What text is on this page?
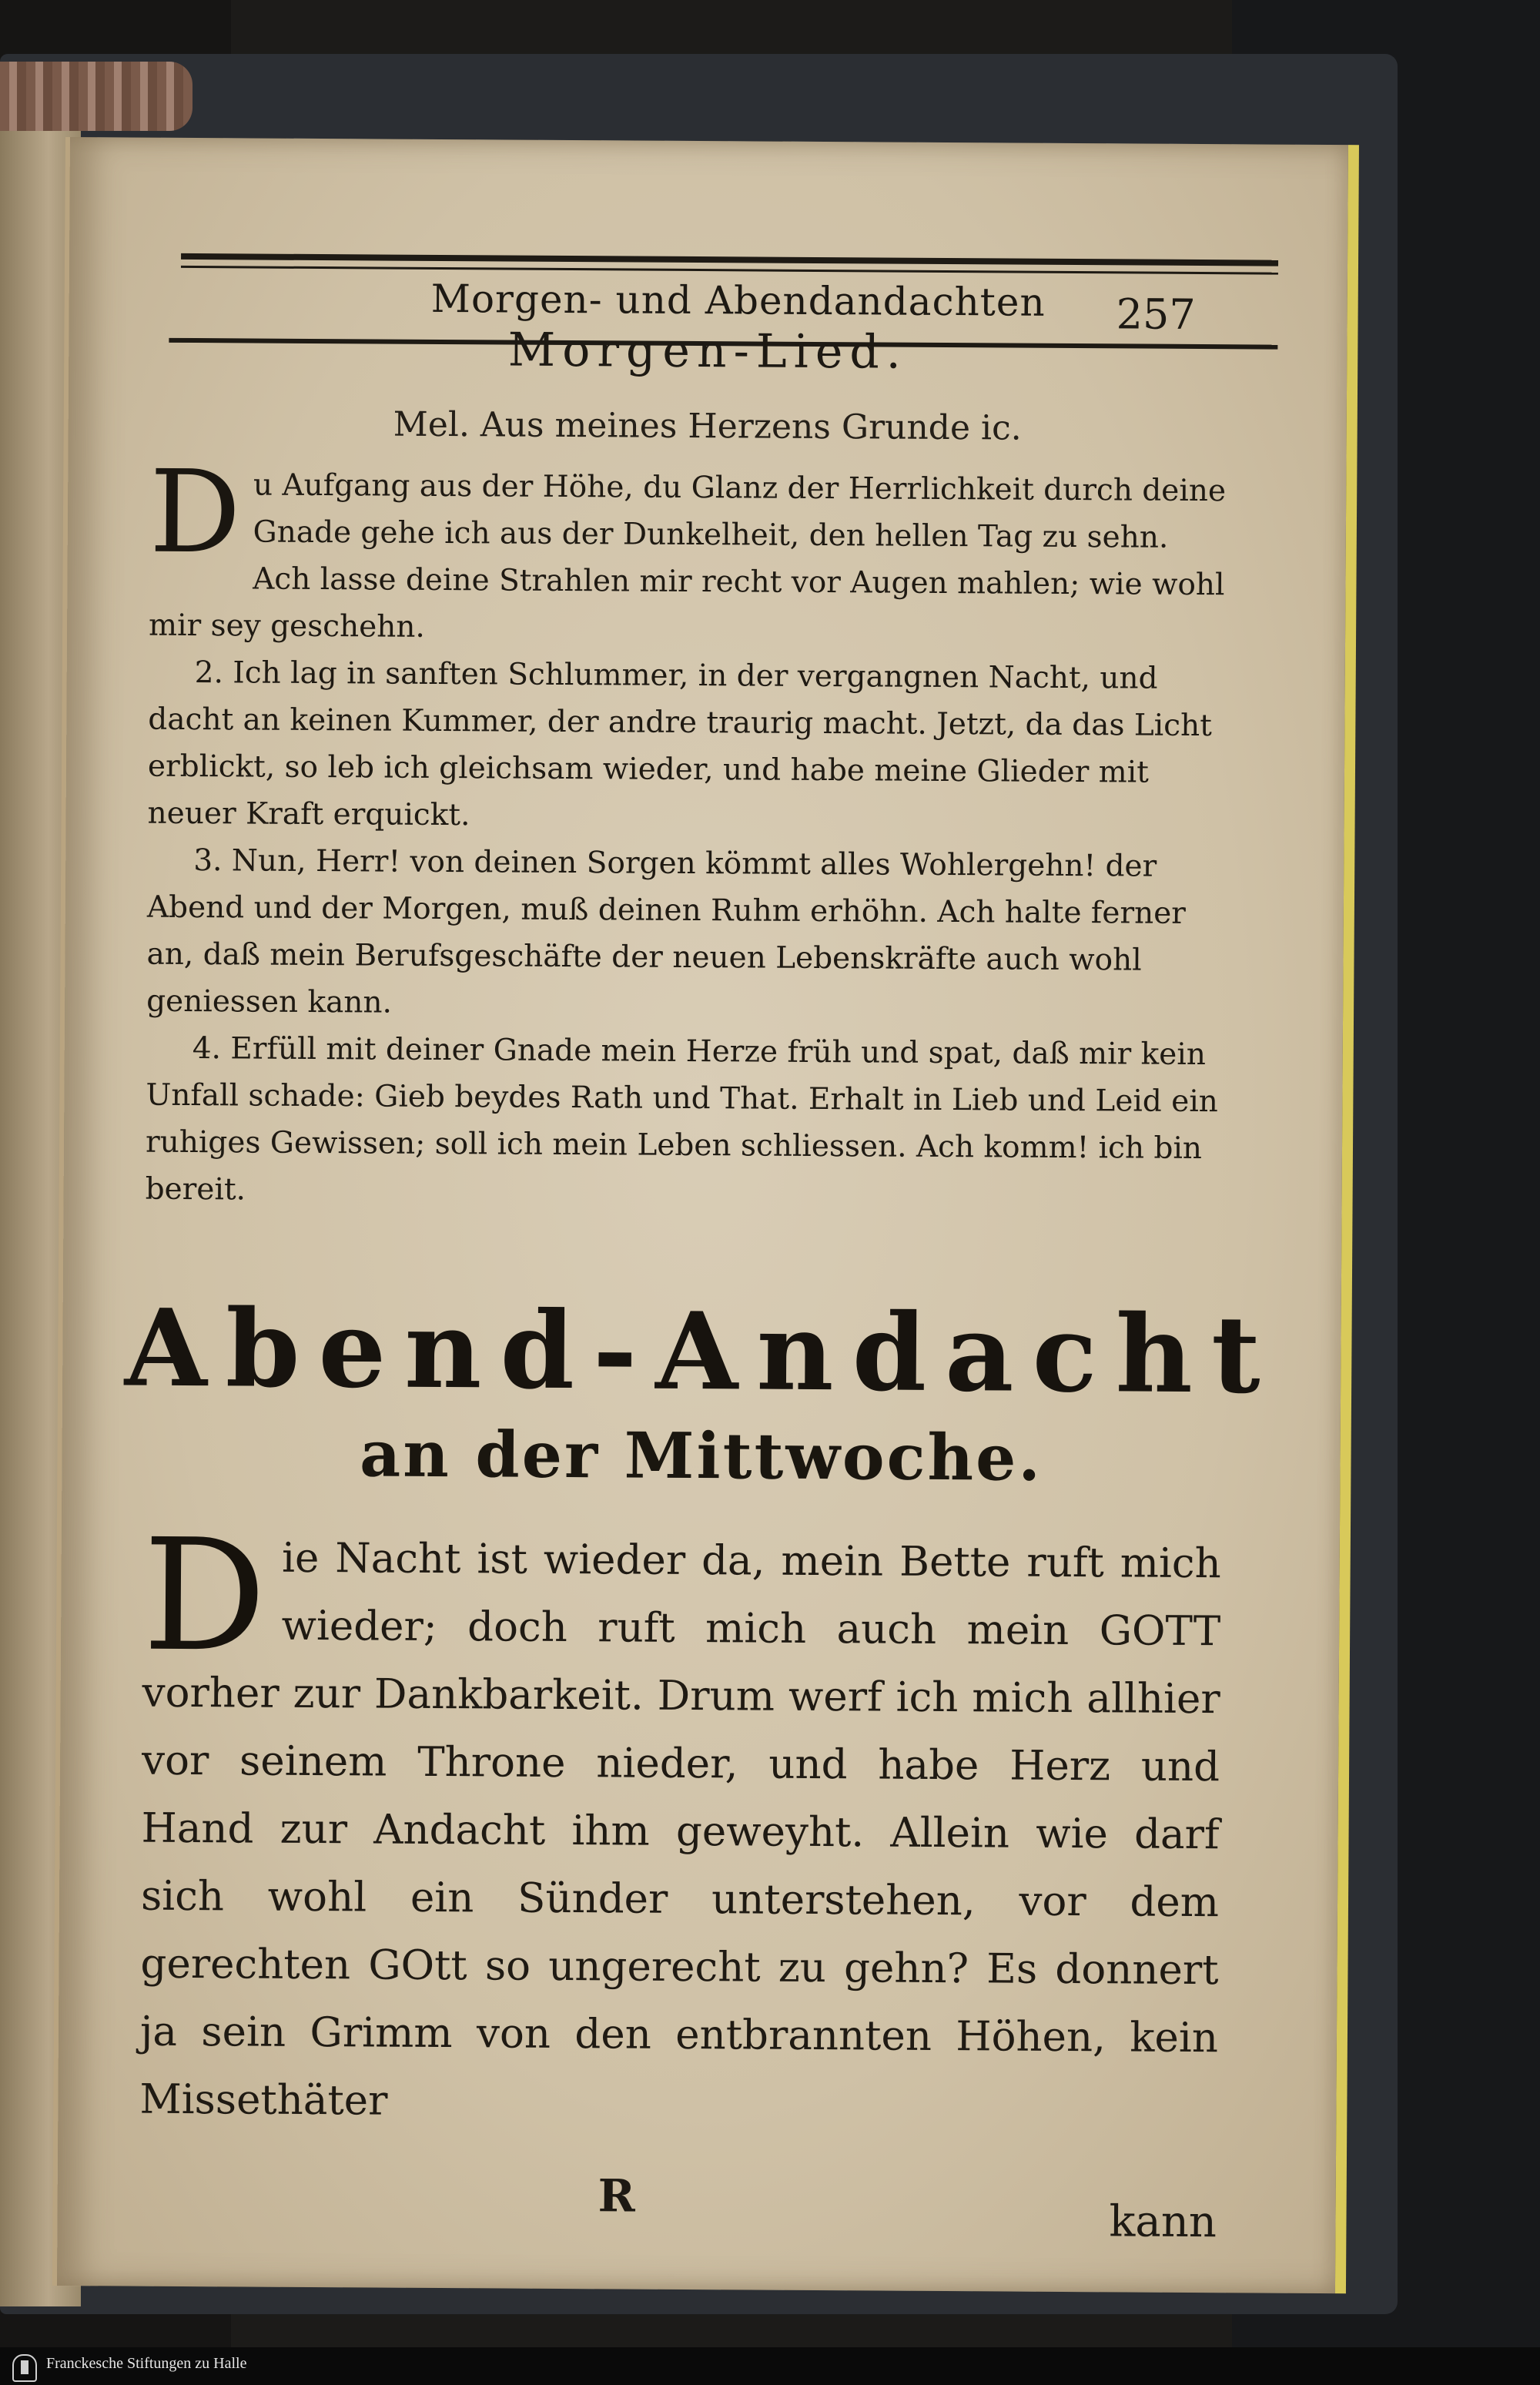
Morgen- und Abendandachten 257
Morgen-Lied.
Mel. Aus meines Herzens Grunde ic.

Du Aufgang aus der Höhe, du Glanz der Herrlichkeit durch deine Gnade gehe ich aus der Dunkelheit, den hellen Tag zu sehn. Ach lasse deine Strahlen mir recht vor Augen mahlen; wie wohl mir sey geschehn.

2. Ich lag in sanften Schlummer, in der vergangnen Nacht, und dacht an keinen Kummer, der andre traurig macht. Jetzt, da das Licht erblickt, so leb ich gleichsam wieder, und habe meine Glieder mit neuer Kraft erquickt.

3. Nun, Herr! von deinen Sorgen kömmt alles Wohlergehn! der Abend und der Morgen, muß deinen Ruhm erhöhn. Ach halte ferner an, daß mein Berufsgeschäfte der neuen Lebenskräfte auch wohl geniessen kann.

4. Erfüll mit deiner Gnade mein Herze früh und spat, daß mir kein Unfall schade: Gieb beydes Rath und That. Erhalt in Lieb und Leid ein ruhiges Gewissen; soll ich mein Leben schliessen. Ach komm! ich bin bereit.

Abend-Andacht
an der Mittwoche.

Die Nacht ist wieder da, mein Bette ruft mich wieder; doch ruft mich auch mein GOTT vorher zur Dankbarkeit. Drum werf ich mich allhier vor seinem Throne nieder, und habe Herz und Hand zur Andacht ihm geweyht. Allein wie darf sich wohl ein Sünder unterstehen, vor dem gerechten GOtt so ungerecht zu gehn? Es donnert ja sein Grimm von den entbrannten Höhen, kein Missethäter

R	kann
Franckesche Stiftungen zu Halle
